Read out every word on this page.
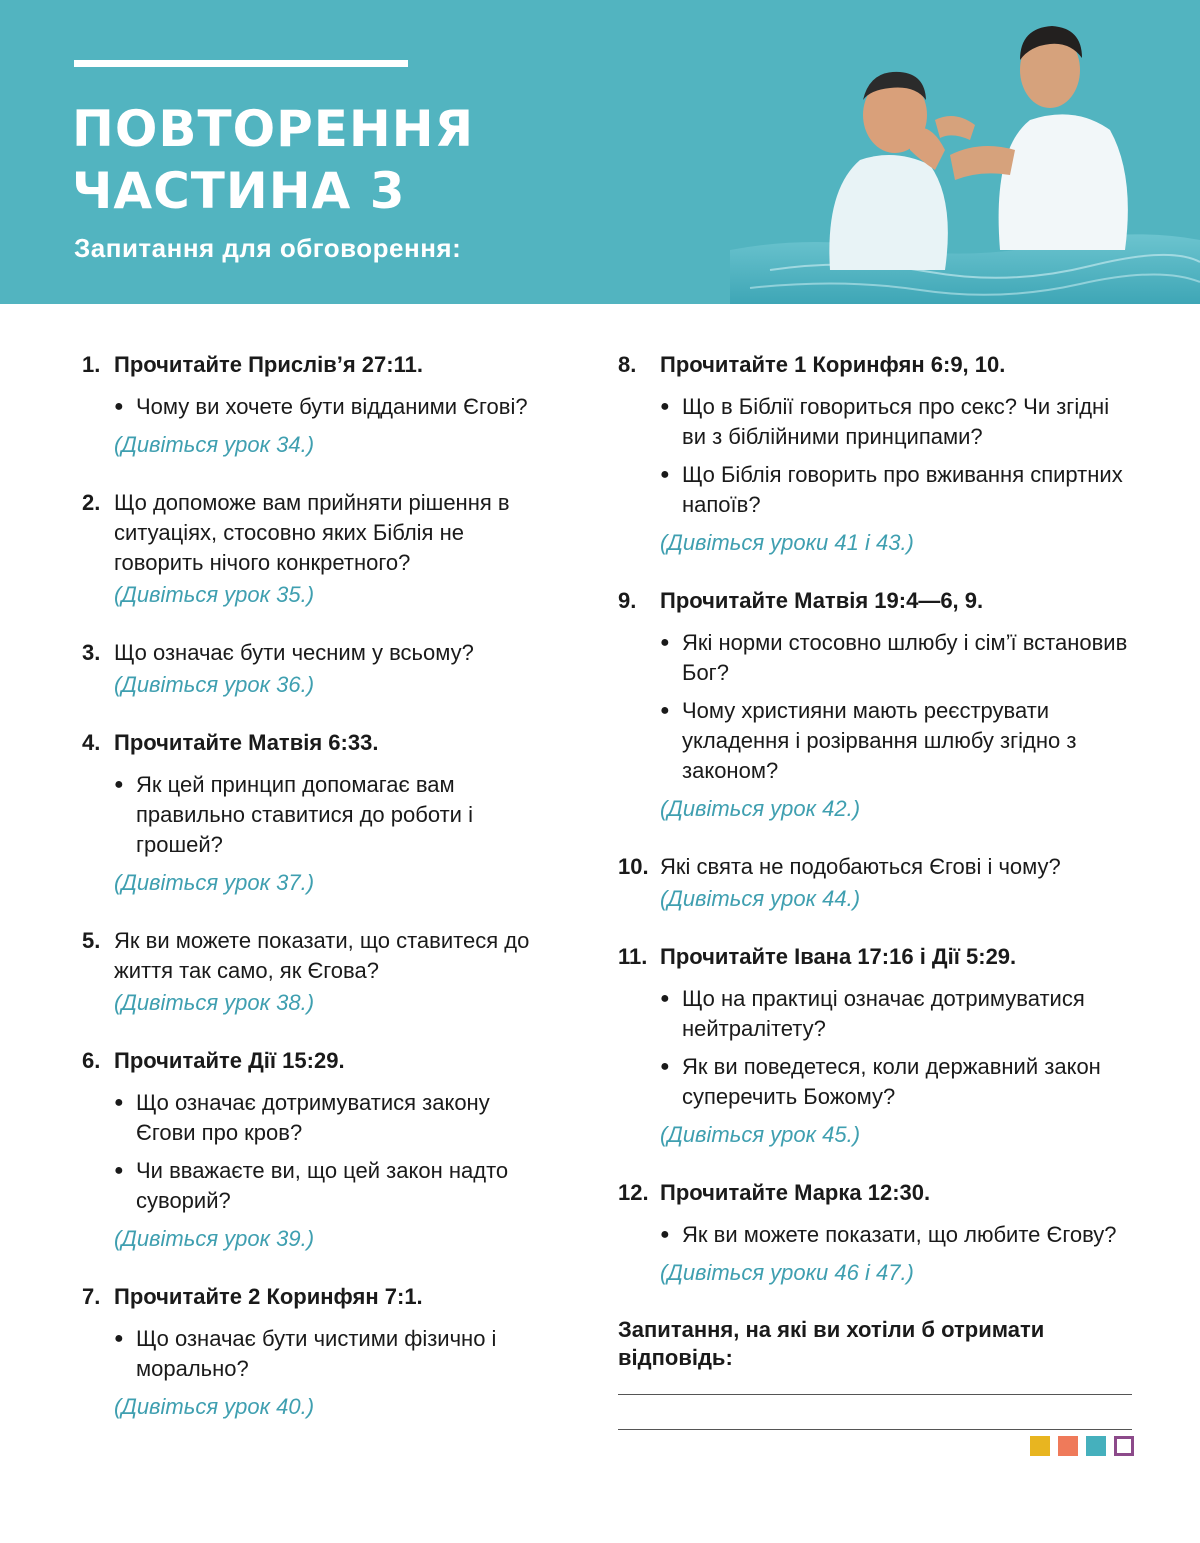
ПОВТОРЕННЯ
ЧАСТИНА 3
Запитання для обговорення:
1. Прочитайте Прислів’я 27:11.
● Чому ви хочете бути відданими Єгові?
(Дивіться урок 34.)
2. Що допоможе вам прийняти рішення в ситуаціях, стосовно яких Біблія не говорить нічого конкретного?
(Дивіться урок 35.)
3. Що означає бути чесним у всьому?
(Дивіться урок 36.)
4. Прочитайте Матвія 6:33.
● Як цей принцип допомагає вам правильно ставитися до роботи і грошей?
(Дивіться урок 37.)
5. Як ви можете показати, що ставитеся до життя так само, як Єгова?
(Дивіться урок 38.)
6. Прочитайте Дії 15:29.
● Що означає дотримуватися закону Єгови про кров?
● Чи вважаєте ви, що цей закон надто суворий?
(Дивіться урок 39.)
7. Прочитайте 2 Коринфян 7:1.
● Що означає бути чистими фізично і морально?
(Дивіться урок 40.)
8.	Прочитайте 1 Коринфян 6:9, 10.
● Що в Біблії говориться про секс? Чи згідні ви з біблійними принципами?
● Що Біблія говорить про вживання спиртних напоїв?
(Дивіться уроки 41 і 43.)
9.	Прочитайте Матвія 19:4—6, 9.
● Які норми стосовно шлюбу і сім’ї встановив Бог?
● Чому християни мають реєструвати укладення і розірвання шлюбу згідно з законом?
(Дивіться урок 42.)
10. Які свята не подобаються Єгові і чому?
(Дивіться урок 44.)
11. Прочитайте Івана 17:16 і Дії 5:29.
● Що на практиці означає дотримуватися нейтралітету?
● Як ви поведетеся, коли державний закон суперечить Божому?
(Дивіться урок 45.)
12. Прочитайте Марка 12:30.
● Як ви можете показати, що любите Єгову?
(Дивіться уроки 46 і 47.)
Запитання, на які ви хотіли б отримати відповідь:
